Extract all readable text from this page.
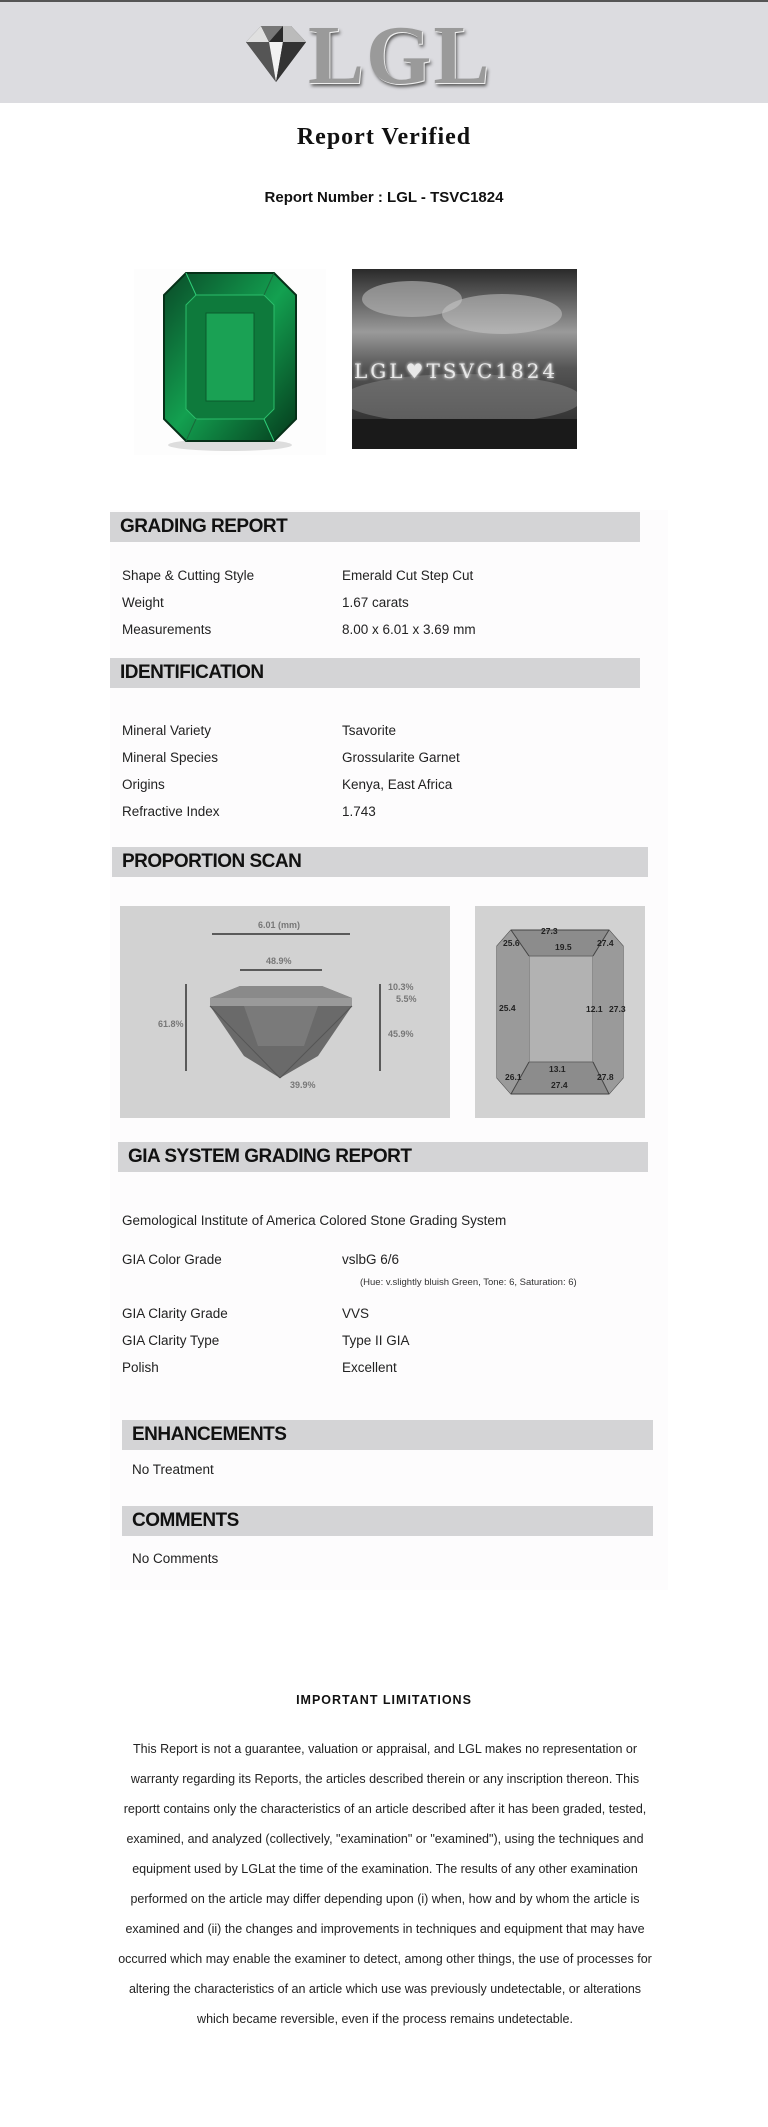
LGL
Report Verified
Report Number : LGL - TSVC1824
LGL♥TSVC1824
GRADING REPORT
Shape & Cutting Style	Emerald Cut Step Cut
Weight	1.67 carats
Measurements	8.00 x 6.01 x 3.69 mm
IDENTIFICATION
Mineral Variety	Tsavorite
Mineral Species	Grossularite Garnet
Origins	Kenya, East Africa
Refractive Index	1.743
PROPORTION SCAN
6.01 (mm)
48.9%
10.3%
5.5%
45.9%
61.8%
39.9%
27.3
25.6	19.5	27.4
25.4	12.1 27.3
26.1
13.1
27.4
27.8
GIA SYSTEM GRADING REPORT
Gemological Institute of America Colored Stone Grading System
GIA Color Grade	vslbG 6/6
(Hue: v.slightly bluish Green, Tone: 6, Saturation: 6)
GIA Clarity Grade	VVS
GIA Clarity Type	Type II GIA
Polish	Excellent
ENHANCEMENTS
No Treatment
COMMENTS
No Comments
IMPORTANT LIMITATIONS
This Report is not a guarantee, valuation or appraisal, and LGL makes no representation or warranty regarding its Reports, the articles described therein or any inscription thereon. This reportt contains only the characteristics of an article described after it has been graded, tested, examined, and analyzed (collectively, "examination" or "examined"), using the techniques and equipment used by LGLat the time of the examination. The results of any other examination performed on the article may differ depending upon (i) when, how and by whom the article is examined and (ii) the changes and improvements in techniques and equipment that may have occurred which may enable the examiner to detect, among other things, the use of processes for altering the characteristics of an article which use was previously undetectable, or alterations which became reversible, even if the process remains undetectable.
